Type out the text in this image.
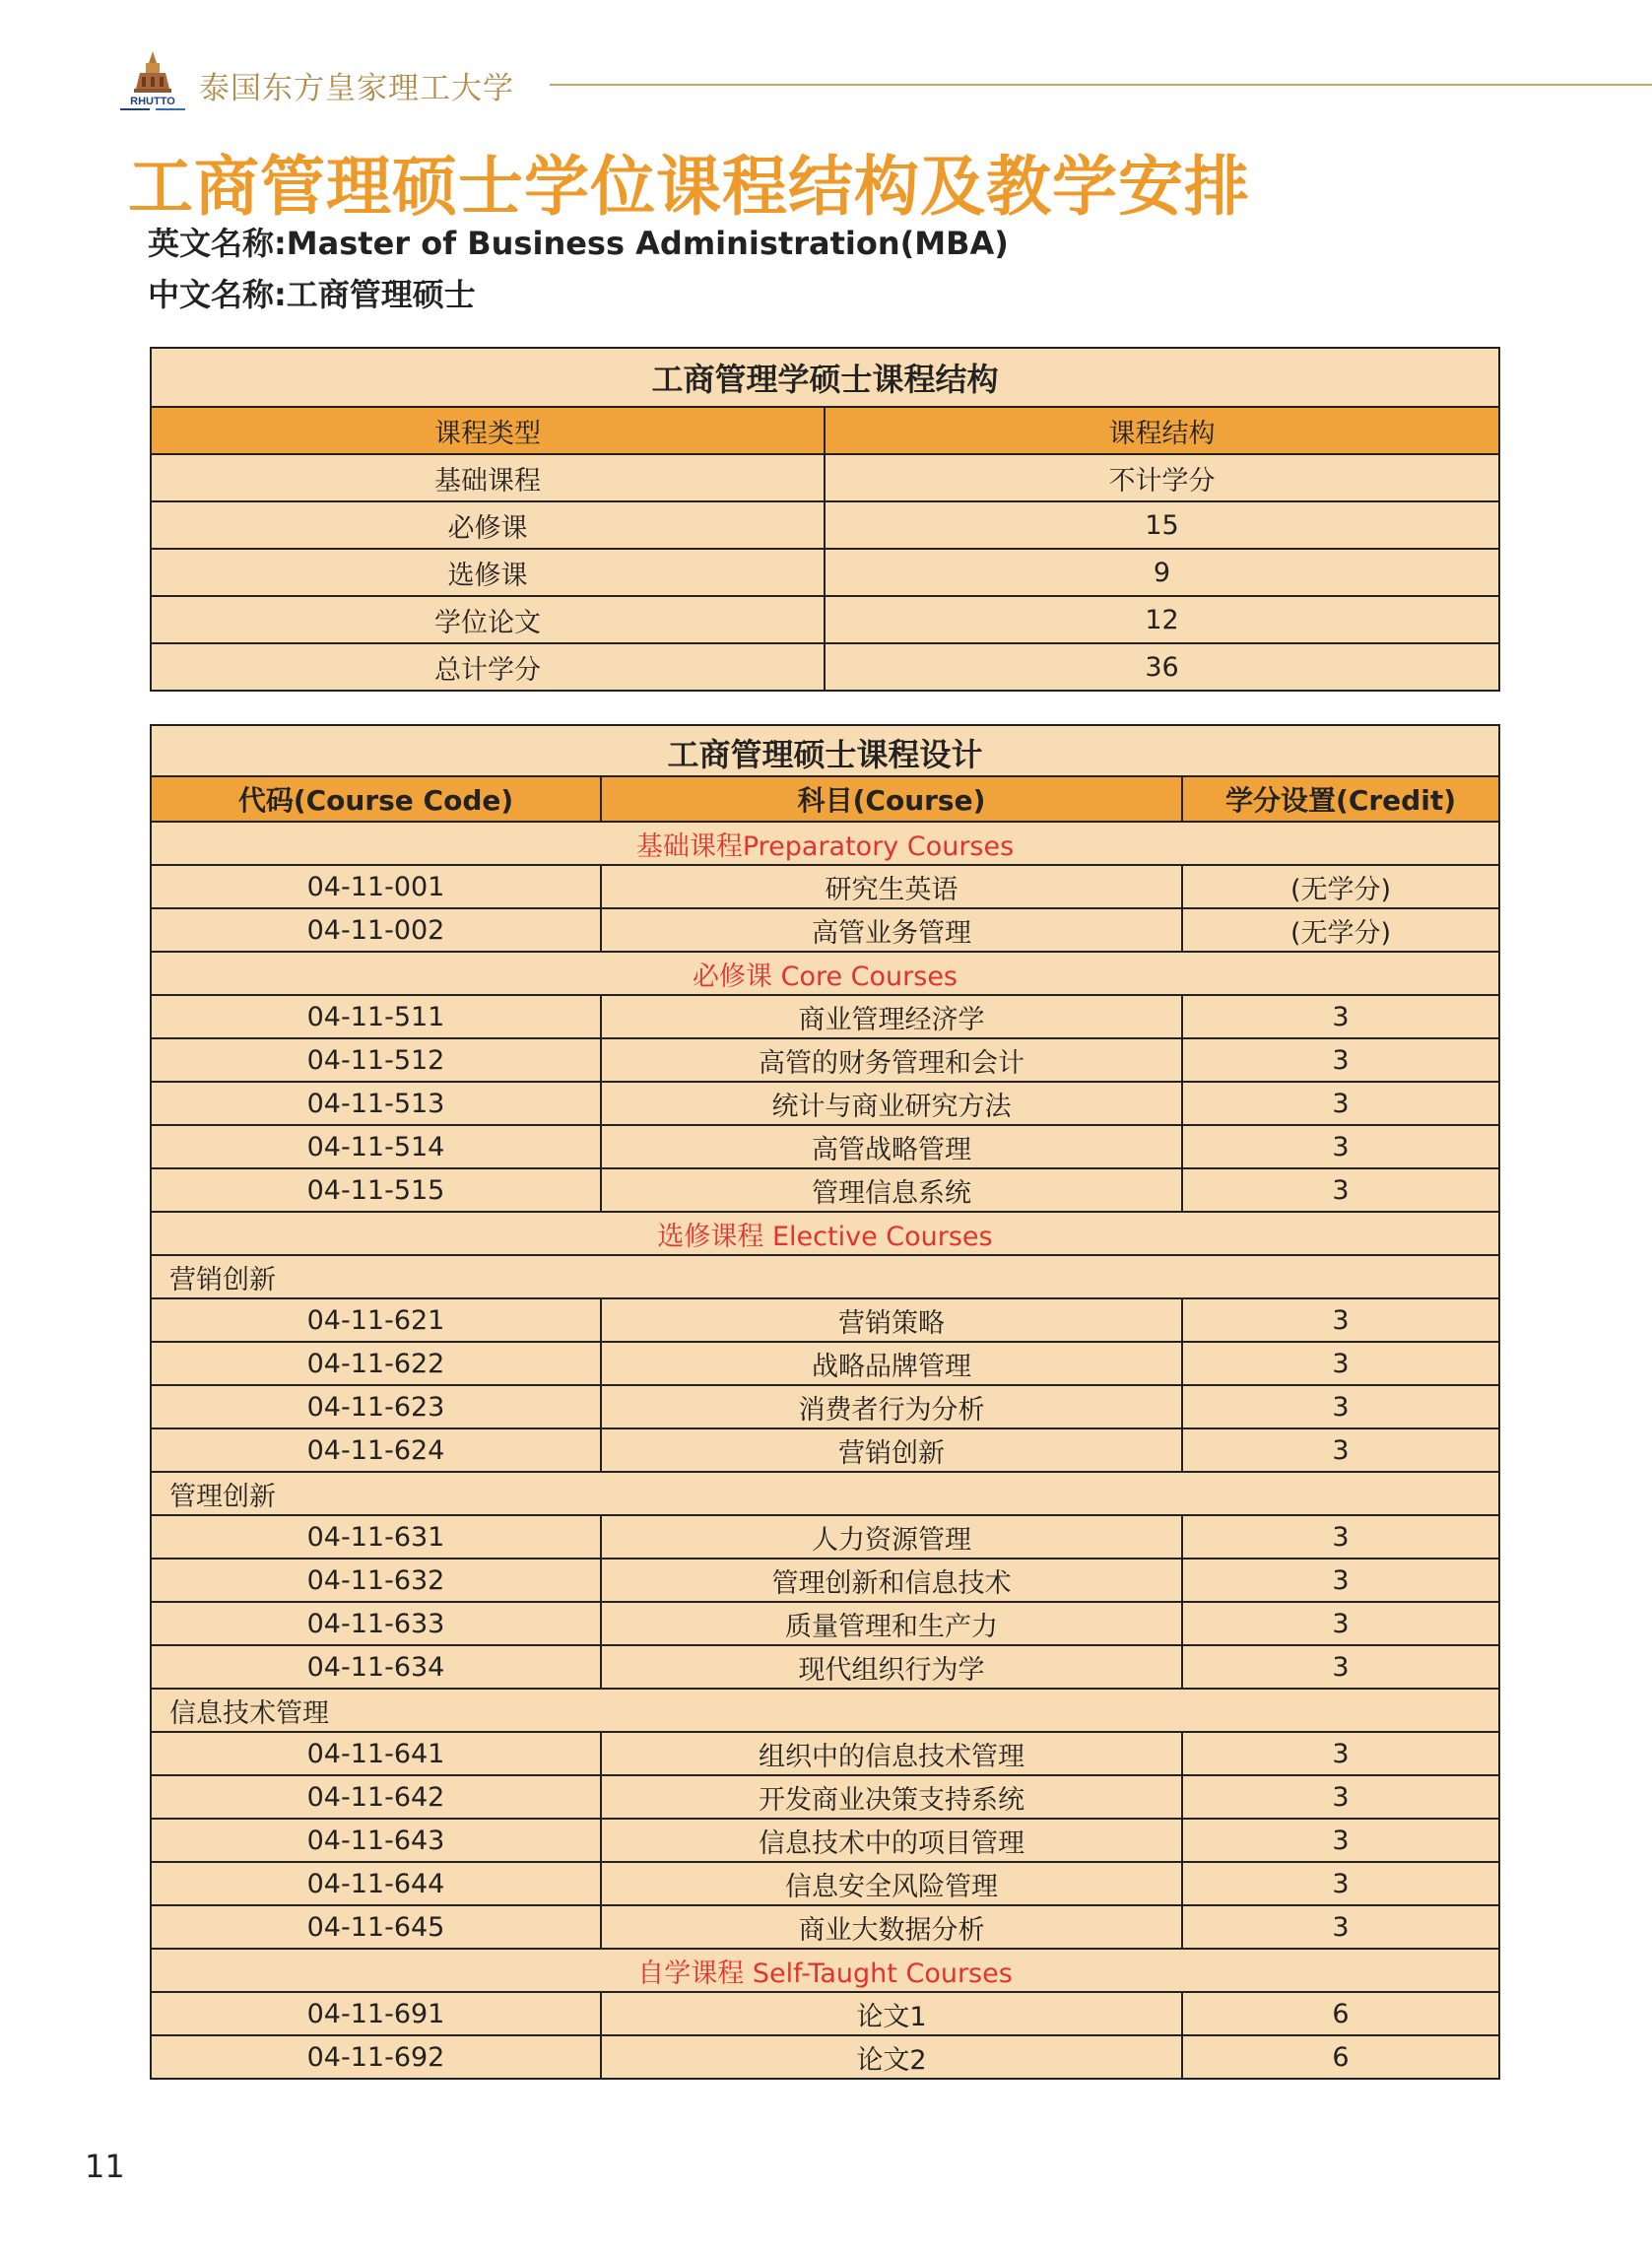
RHUTTO 泰国东方皇家理工大学
工商管理硕士学位课程结构及教学安排
英文名称:Master of Business Administration(MBA)
中文名称:工商管理硕士
工商管理学硕士课程结构	
课程类型	课程结构
基础课程	不计学分
必修课	15
选修课	9
学位论文	12
总计学分	36
工商管理硕士课程设计		
代码(Course Code)	科目(Course)	学分设置(Credit)
基础课程Preparatory Courses		
04-11-001	研究生英语	(无学分)
04-11-002	高管业务管理	(无学分)
必修课 Core Courses		
04-11-511	商业管理经济学	3
04-11-512	高管的财务管理和会计	3
04-11-513	统计与商业研究方法	3
04-11-514	高管战略管理	3
04-11-515	管理信息系统	3
选修课程 Elective Courses		
营销创新		
04-11-621	营销策略	3
04-11-622	战略品牌管理	3
04-11-623	消费者行为分析	3
04-11-624	营销创新	3
管理创新		
04-11-631	人力资源管理	3
04-11-632	管理创新和信息技术	3
04-11-633	质量管理和生产力	3
04-11-634	现代组织行为学	3
信息技术管理		
04-11-641	组织中的信息技术管理	3
04-11-642	开发商业决策支持系统	3
04-11-643	信息技术中的项目管理	3
04-11-644	信息安全风险管理	3
04-11-645	商业大数据分析	3
自学课程 Self-Taught Courses		
04-11-691	论文1	6
04-11-692	论文2	6
11
